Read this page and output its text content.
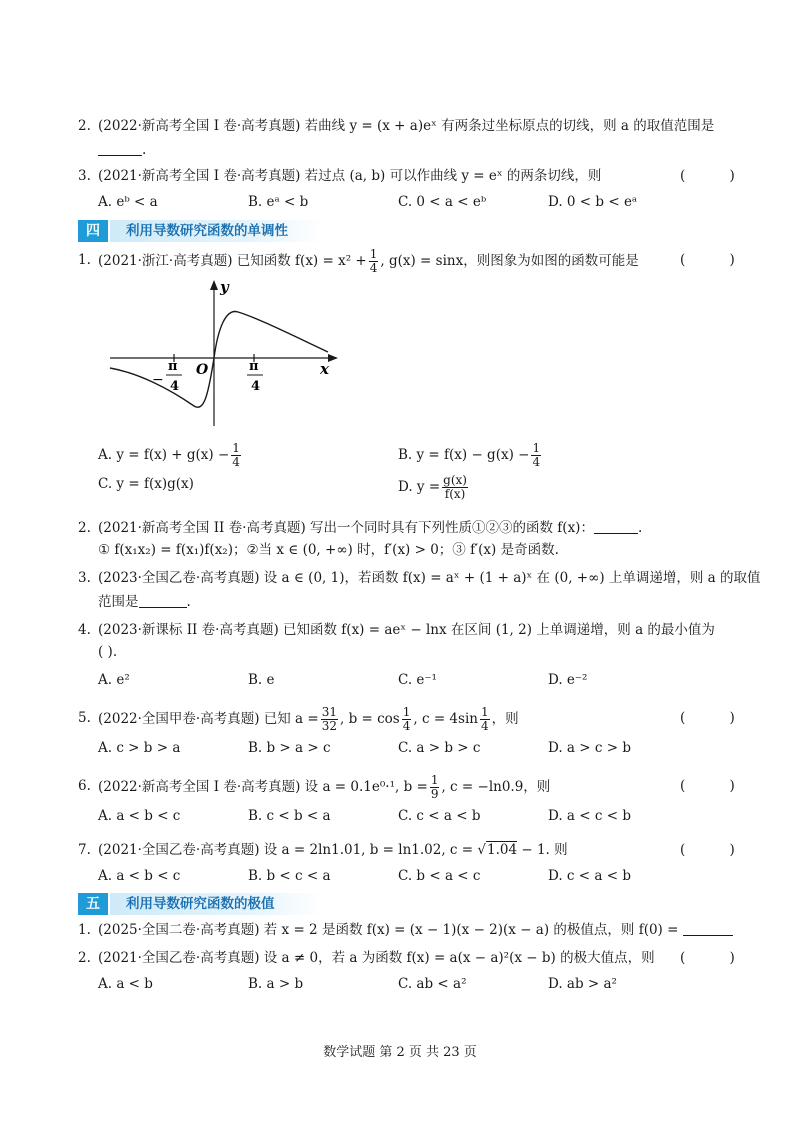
2. (2022·新高考全国 I 卷·高考真题) 若曲线 y = (x + a)eˣ 有两条过坐标原点的切线，则 a 的取值范围是
.
3. (2021·新高考全国 I 卷·高考真题) 若过点 (a, b) 可以作曲线 y = eˣ 的两条切线，则	( )
A. eᵇ < a	B. eᵃ < b	C. 0 < a < eᵇ	D. 0 < b < eᵃ
四	利用导数研究函数的单调性
1. (2021·浙江·高考真题) 已知函数 $f(x) = x^2 + \frac{1}{4}$ , g(x) = sinx，则图象为如图的函数可能是	( )
y
x
O
−
π
4
π
4
A. $y = f(x) + g(x) - \frac{1}{4}$	B. $y = f(x) - g(x) - \frac{1}{4}$
C. y = f(x)g(x)	D. $y = \frac{g(x)}{f(x)}$
2. (2021·新高考全国 II 卷·高考真题) 写出一个同时具有下列性质①②③的函数 f(x)：	.
① f(x₁x₂) = f(x₁)f(x₂)；②当 x ∈ (0, +∞) 时，f′(x) > 0；③ f′(x) 是奇函数.
3. (2023·全国乙卷·高考真题) 设 a ∈ (0, 1)，若函数 f(x) = aˣ + (1 + a)ˣ 在 (0, +∞) 上单调递增，则 a 的取值
范围是	.
4. (2023·新课标 II 卷·高考真题) 已知函数 f(x) = aeˣ − lnx 在区间 (1, 2) 上单调递增，则 a 的最小值为
( ).
A. e²	B. e	C. e⁻¹	D. e⁻²
5. (2022·全国甲卷·高考真题) 已知 $a = \frac{31}{32}$ , $b = \cos \frac{1}{4}$ , $c = 4\sin \frac{1}{4}$ ，则	( )
A. c > b > a	B. b > a > c	C. a > b > c	D. a > c > b
6. (2022·新高考全国 I 卷·高考真题) 设 a = 0.1e⁰·¹, $b = \frac{1}{9}$ , c = −ln0.9，则	( )
A. a < b < c	B. c < b < a	C. c < a < b	D. a < c < b
7. (2021·全国乙卷·高考真题) 设 a = 2ln1.01, b = ln1.02, c = √1.04 − 1. 则	( )
A. a < b < c	B. b < c < a	C. b < a < c	D. c < a < b
五	利用导数研究函数的极值
1. (2025·全国二卷·高考真题) 若 x = 2 是函数 f(x) = (x − 1)(x − 2)(x − a) 的极值点，则 f(0) =
2. (2021·全国乙卷·高考真题) 设 a ≠ 0，若 a 为函数 f(x) = a(x − a)²(x − b) 的极大值点，则 ( )
A. a < b	B. a > b	C. ab < a²	D. ab > a²
数学试题 第 2 页 共 23 页
